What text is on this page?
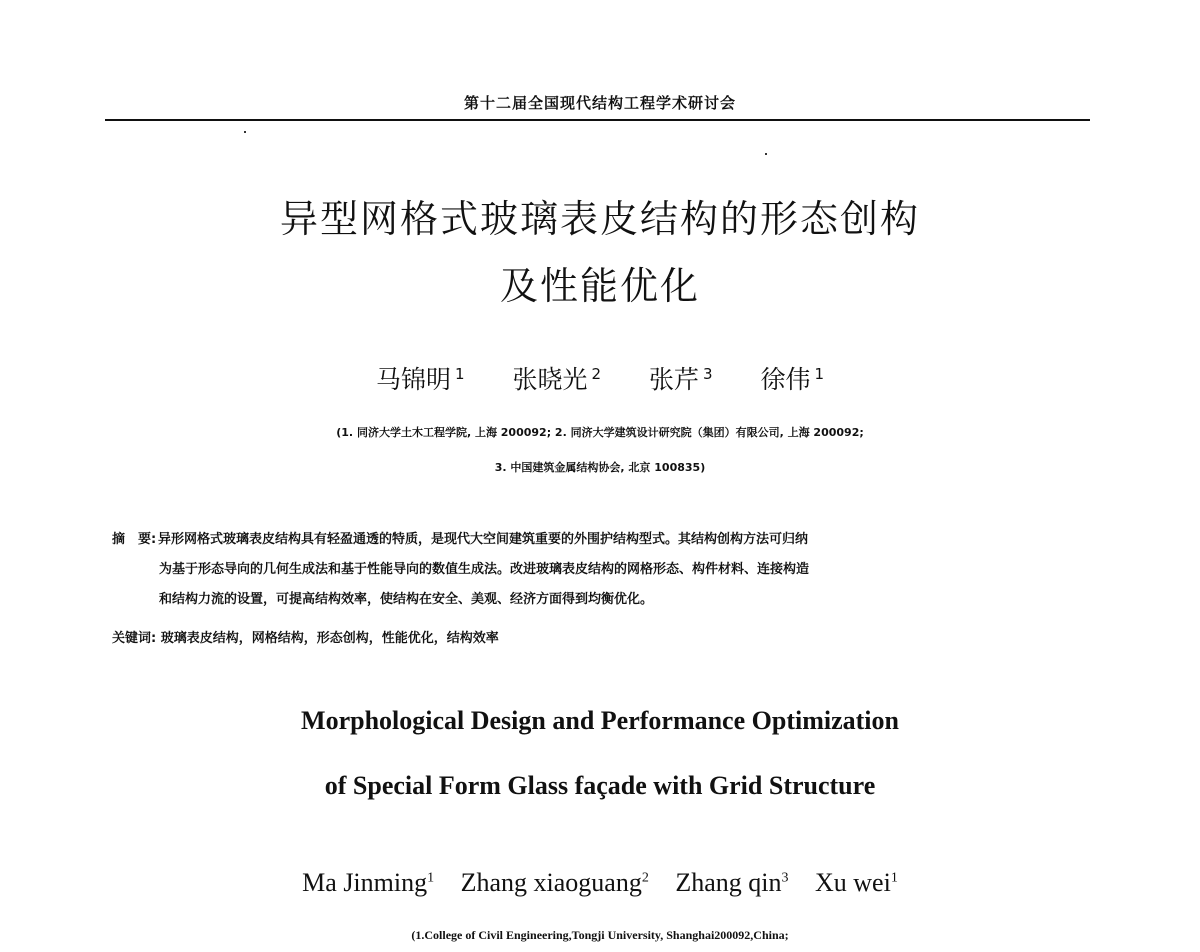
第十二届全国现代结构工程学术研讨会
异型网格式玻璃表皮结构的形态创构
及性能优化
马锦明 $^1$ 张晓光 $^2$ 张芹 $^3$ 徐伟 $^1$
(1. 同济大学土木工程学院, 上海 200092; 2. 同济大学建筑设计研究院（集团）有限公司, 上海 200092;
3. 中国建筑金属结构协会, 北京 100835)
摘　要: 异形网格式玻璃表皮结构具有轻盈通透的特质，是现代大空间建筑重要的外围护结构型式。其结构创构方法可归纳
为基于形态导向的几何生成法和基于性能导向的数值生成法。改进玻璃表皮结构的网格形态、构件材料、连接构造
和结构力流的设置，可提高结构效率，使结构在安全、美观、经济方面得到均衡优化。
关键词: 玻璃表皮结构，网格结构，形态创构，性能优化，结构效率
Morphological Design and Performance Optimization
of Special Form Glass façade with Grid Structure
Ma Jinming$^1$ Zhang xiaoguang$^2$ Zhang qin$^3$ Xu wei$^1$
(1.College of Civil Engineering,Tongji University, Shanghai200092,China;
